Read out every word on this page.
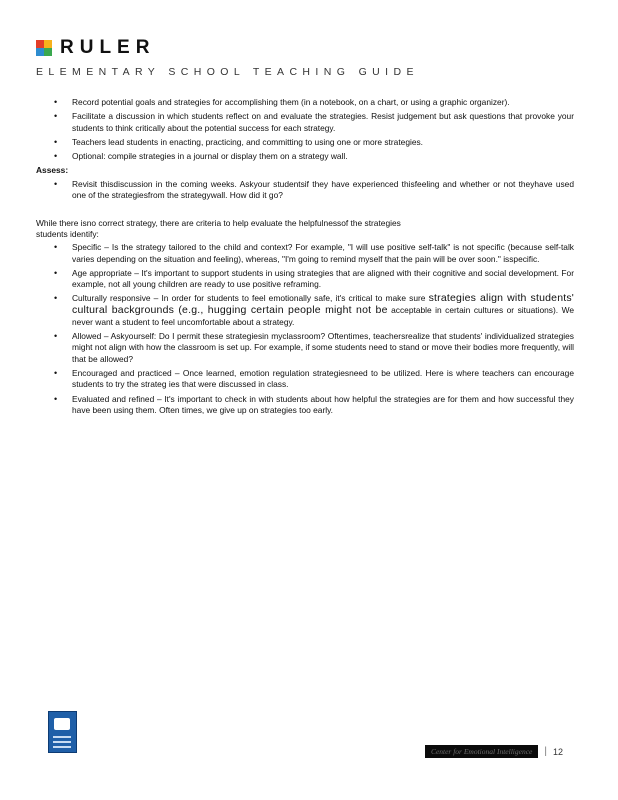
RULER
ELEMENTARY SCHOOL TEACHING GUIDE
• Record potential goals and strategies for accomplishing them (in a notebook, on a chart, or using a graphic organizer).
• Facilitate a discussion in which students reflect on and evaluate the strategies. Resist judgement but ask questions that provoke your students to think critically about the potential success for each strategy.
• Teachers lead students in enacting, practicing, and committing to using one or more strategies.
• Optional: compile strategies in a journal or display them on a strategy wall.
Assess:
• Revisit thisdiscussion in the coming weeks. Askyour studentsif they have experienced thisfeeling and whether or not theyhave used one of the strategiesfrom the strategywall. How did it go?
While there isno correct strategy, there are criteria to help evaluate the helpfulnessof the strategies
students identify:
• Specific – Is the strategy tailored to the child and context? For example, "I will use positive self-talk" is not specific (because self-talk varies depending on the situation and feeling), whereas, "I'm going to remind myself that the pain will be over soon." isspecific.
• Age appropriate – It's important to support students in using strategies that are aligned with their cognitive and social development. For example, not all young children are ready to use positive reframing.
• Culturally responsive – In order for students to feel emotionally safe, it's critical to make sure strategies align with students' cultural backgrounds (e.g., hugging certain people might not be acceptable in certain cultures or situations). We never want a student to feel uncomfortable about a strategy.
• Allowed – Askyourself: Do I permit these strategiesin myclassroom? Oftentimes, teachersrealize that students' individualized strategies might not align with how the classroom is set up. For example, if some students need to stand or move their bodies more frequently, will that be allowed?
• Encouraged and practiced – Once learned, emotion regulation strategiesneed to be utilized. Here is where teachers can encourage students to try the strateg ies that were discussed in class.
• Evaluated and refined – It's important to check in with students about how helpful the strategies are for them and how successful they have been using them. Often times, we give up on strategies too early.
Center for Emotional Intelligence	| 12
